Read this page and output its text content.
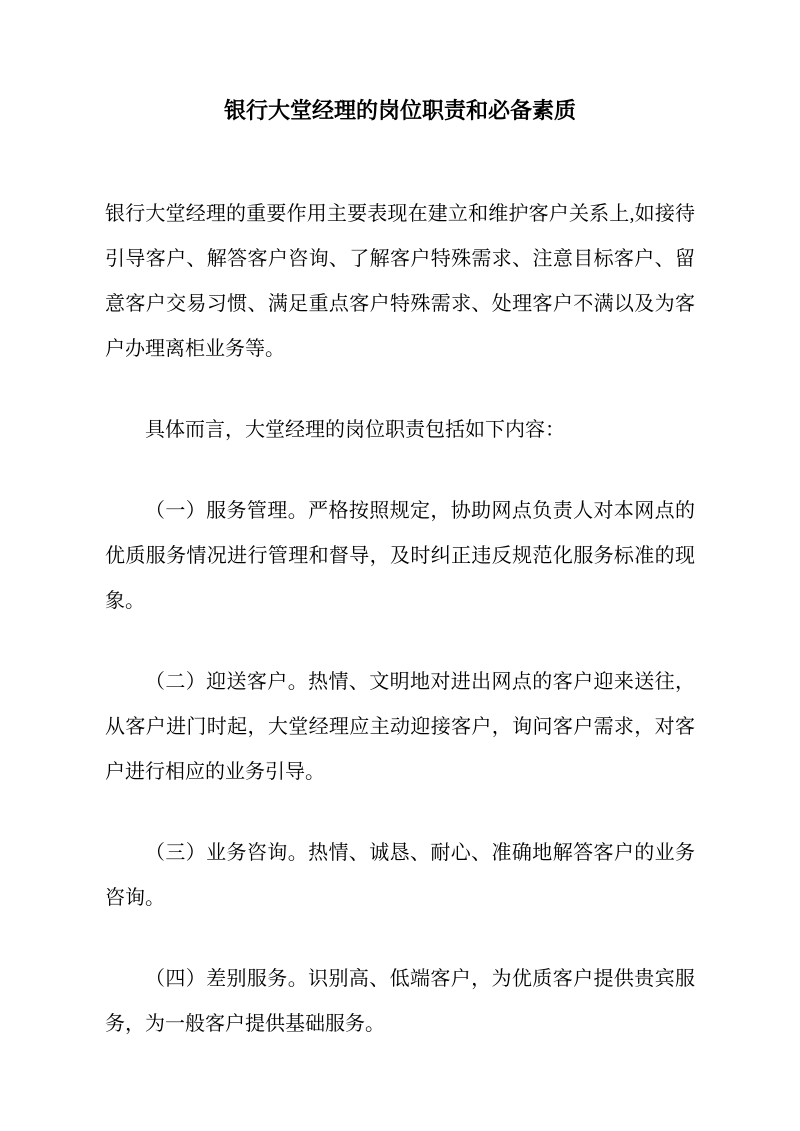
银行大堂经理的岗位职责和必备素质

银行大堂经理的重要作用主要表现在建立和维护客户关系上,如接待引导客户、解答客户咨询、了解客户特殊需求、注意目标客户、留意客户交易习惯、满足重点客户特殊需求、处理客户不满以及为客户办理离柜业务等。

具体而言，大堂经理的岗位职责包括如下内容：

（一）服务管理。严格按照规定，协助网点负责人对本网点的优质服务情况进行管理和督导，及时纠正违反规范化服务标准的现象。

（二）迎送客户。热情、文明地对进出网点的客户迎来送往，从客户进门时起，大堂经理应主动迎接客户，询问客户需求，对客户进行相应的业务引导。

（三）业务咨询。热情、诚恳、耐心、准确地解答客户的业务咨询。

（四）差别服务。识别高、低端客户，为优质客户提供贵宾服务，为一般客户提供基础服务。
